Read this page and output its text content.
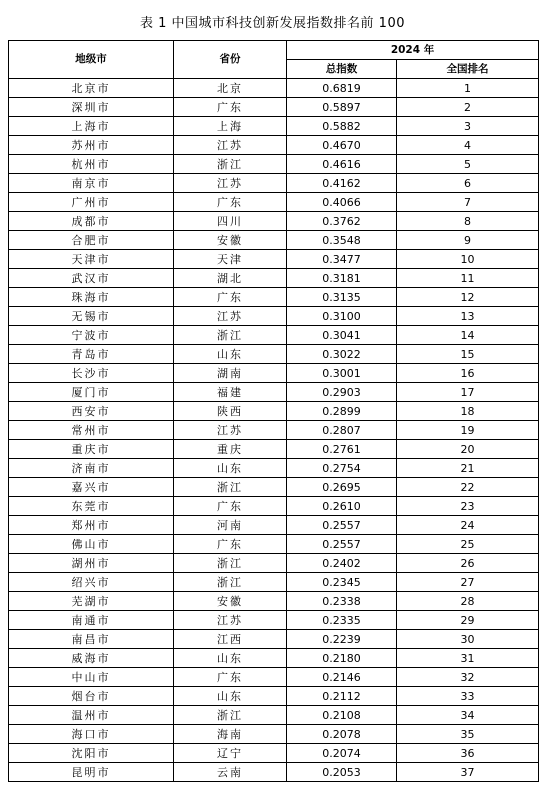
表 1 中国城市科技创新发展指数排名前 100
地级市	省份	2024 年	
		总指数	全国排名
北京市	北京	0.6819	1
深圳市	广东	0.5897	2
上海市	上海	0.5882	3
苏州市	江苏	0.4670	4
杭州市	浙江	0.4616	5
南京市	江苏	0.4162	6
广州市	广东	0.4066	7
成都市	四川	0.3762	8
合肥市	安徽	0.3548	9
天津市	天津	0.3477	10
武汉市	湖北	0.3181	11
珠海市	广东	0.3135	12
无锡市	江苏	0.3100	13
宁波市	浙江	0.3041	14
青岛市	山东	0.3022	15
长沙市	湖南	0.3001	16
厦门市	福建	0.2903	17
西安市	陕西	0.2899	18
常州市	江苏	0.2807	19
重庆市	重庆	0.2761	20
济南市	山东	0.2754	21
嘉兴市	浙江	0.2695	22
东莞市	广东	0.2610	23
郑州市	河南	0.2557	24
佛山市	广东	0.2557	25
湖州市	浙江	0.2402	26
绍兴市	浙江	0.2345	27
芜湖市	安徽	0.2338	28
南通市	江苏	0.2335	29
南昌市	江西	0.2239	30
威海市	山东	0.2180	31
中山市	广东	0.2146	32
烟台市	山东	0.2112	33
温州市	浙江	0.2108	34
海口市	海南	0.2078	35
沈阳市	辽宁	0.2074	36
昆明市	云南	0.2053	37
